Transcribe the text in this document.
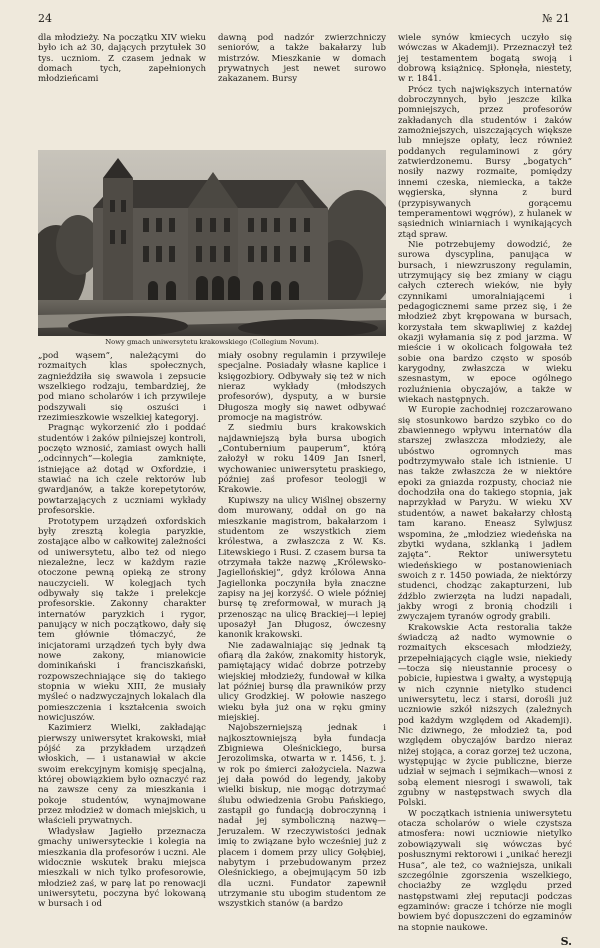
24	№ 21

dla młodzieży. Na początku XIV wieku było ich aż 30, dających przytułek 30 tys. uczniom. Z czasem jednak w domach tych, zapełnionych młodzieńcami

dawną pod nadzór zwierzchniczy seniorów, a także bakałarzy lub mistrzów. Mieszkanie w domach prywatnych jest newet surowo zakazanem. Bursy

Nowy gmach uniwersytetu krakowskiego (Collegium Novum).

„pod wąsem”, należącymi do rozmaitych klas społecznych, zagnieździła się swawola i zepsucie wszelkiego rodzaju, tembardziej, że pod miano scholarów i ich przywileje podszywali się oszuści i rzezimieszkowie wszelkiej kategoryj.

Pragnąc wykorzenić zło i poddać studentów i żaków pilniejszej kontroli, poczęto wznosić, zamiast owych halli ,,odcinnych”—kolegia zamknięte, istniejące aż dotąd w Oxfordzie, i stawiać na ich czele rektorów lub gwardjanów, a także korepetytorów, powtarzających z uczniami wykłady profesorskie.

Prototypem urządzeń oxfordskich były zresztą kolegia paryzkie, zostające albo w całkowitej zależności od uniwersytetu, albo też od niego niezależne, lecz w każdym razie otoczone pewną opieką ze strony nauczycieli. W kolegjach tych odbywały się także i prelekcje profesorskie. Zakonny charakter internatów paryzkich i rygor, panujący w nich początkowo, dały się tem głównie tłómaczyć, że inicjatorami urządzeń tych były dwa nowe zakony, mianowicie dominikański i franciszkański, rozpowszechniające się do takiego stopnia w wieku XIII, że musiały myśleć o nadzwyczajnych lokalach dla pomieszczenia i kształcenia swoich nowicjuszów.

Kazimierz Wielki, zakładając pierwszy uniwersytet krakowski, miał pójść za przykładem urządzeń włoskich, — i ustanawiał w akcie swoim erekcyjnym komisję specjalną, której obowiązkiem było oznaczyć raz na zawsze ceny za mieszkania i pokoje studentów, wynajmowane przez młodzież w domach miejskich, u właścieli prywatnych.

Władysław Jagiełło przeznacza gmachy uniwersyteckie i kolegia na mieszkania dla profesorów i uczni. Ale widocznie wskutek braku miejsca mieszkali w nich tylko profesorowie, młodzież zaś, w parę lat po renowacji uniwersytetu, poczyna być lokowaną w bursach i od

miały osobny regulamin i przywileje specjalne. Posiadały własne kaplice i księgozbiory. Odbywały się też w nich nieraz wykłady (młodszych profesorów), dysputy, a w bursie Długosza mogły się nawet odbywać promocje na magistrów.

Z siedmiu burs krakowskich najdawniejszą była bursa ubogich „Contubernium pauperum”, którą założył w roku 1409 Jan Isnerl, wychowaniec uniwersytetu praskiego, później zaś profesor teologji w Krakowie.

Kupiwszy na ulicy Wiślnej obszerny dom murowany, oddał on go na mieszkanie magistrom, bakałarzom i studentom ze wszystkich ziem królestwa, a zwłaszcza z W. Ks. Litewskiego i Rusi. Z czasem bursa ta otrzymała także nazwę „Królewsko-Jagiellońskiej”, gdyż królowa Anna Jagiellonka poczyniła była znaczne zapisy na jej korzyść. O wiele później bursę tę zreformował, w murach ją przenosząc na ulicę Brackiej—i lepiej uposażył Jan Długosz, ówczesny kanonik krakowski.

Nie zadawalniając się jednak tą ofiarą dla żaków, znakomity historyk, pamiętający widać dobrze potrzeby wiejskiej młodzieży, fundował w kilka lat później bursę dla prawników przy ulicy Grodzkiej. W połowie naszego wieku była już ona w ręku gminy miejskiej.

Najobszerniejszą jednak i najkosztowniejszą była fundacja Zbigniewa Oleśnickiego, bursa Jerozolimska, otwarta w r. 1456, t. j. w rok po śmierci założyciela. Nazwa jej dała powód do legendy, jakoby wielki biskup, nie mogąc dotrzymać ślubu odwiedzenia Grobu Pańskiego, zastąpił go fundacją dobroczynną i nadał jej symboliczną nazwę—Jeruzalem. W rzeczywistości jednak imię to związane było wcześniej już z placem i domem przy ulicy Gołębiej, nabytym i przebudowanym przez Oleśnickiego, a obejmującym 50 izb dla uczni. Fundator zapewnił utrzymanie stu ubogim studentom ze wszystkich stanów (a bardzo

wiele synów kmiecych uczyło się wówczas w Akademji). Przeznaczył też jej testamentem bogatą swoją i dobrową książnicę. Spłonęła, niestety, w r. 1841.

Prócz tych największych internatów dobroczynnych, było jeszcze kilka pomniejszych, przez profesorów zakładanych dla studentów i żaków zamożniejszych, uiszczających większe lub mniejsze opłaty, lecz również poddanych regulaminowi z góry zatwierdzonemu. Bursy „bogatych” nosiły nazwy rozmaite, pomiędzy innemi czeska, niemiecka, a także węgierska, słynna z burd (przypisywanych gorącemu temperamentowi węgrów), z hulanek w sąsiednich winiarniach i wynikających ztąd spraw.

Nie potrzebujemy dowodzić, że surowa dyscyplina, panująca w bursach, i niewzruszony regulamin, utrzymujący się bez zmiany w ciągu całych czterech wieków, nie były czynnikami umoralniającemi i pedagogicznemi same przez się, i że młodzież zbyt krępowana w bursach, korzystała tem skwapliwiej z każdej okazji wyłamania się z pod jarzma. W mieście i w okolicach folgowała też sobie ona bardzo często w sposób karygodny, zwłaszcza w wieku szesnastym, w epoce ogólnego rozluźnienia obyczajów, a także w wiekach następnych.

W Europie zachodniej rozczarowano się stosunkowo bardzo szybko co do zbawiennego wpływu internatów dla starszej zwłaszcza młodzieży, ale ubóstwo ogromnych mas podtrzymywało stale ich istnienie. U nas także zwłaszcza że w niektóre epoki za gniazda rozpusty, chociaż nie dochodziła ona do takiego stopnia, jak naprzykład w Paryżu. W wieku XV studentów, a nawet bakałarzy chłostą tam karano. Eneasz Sylwjusz wspomina, że „młodziez wiedeńska na zbytki wydana, szklanką i jadłem zajęta”. Rektor uniwersytetu wiedeńskiego w postanowieniach swoich z r. 1450 powiada, że niektórzy studenci, chodząc zakapturzeni, lub źdźblo zwierzęta na ludzi napadali, jakby wrogi z bronią chodzili i zwyczajem tyranów ogrody grabili.

Krakowskie Acta restoralia także świadczą aż nadto wymownie o rozmaitych ekscesach młodzieży, przepełniających ciągle wsie, niekiedy—tocza się nieustannie procesy o pobicie, łupiestwa i gwałty, a występują w nich czynnie nietylko studenci uniwersytetu, lecz i starsi, dorośli już uczniowie szkół niższych (zależnych pod każdym względem od Akademji). Nic dziwnego, że młodzież ta, pod względem obyczajów bardzo nieraz niżej stojąca, a coraz gorzej też uczona, występując w życie publiczne, bierze udział w sejmach i sejmikach—wnosi z sobą element niesrogi i swawoli, tak zgubny w następstwach swych dla Polski.

W początkach istnienia uniwersytetu otacza scholarów o wiele czystsza atmosfera: nowi uczniowie nietylko zobowiązywali się wówczas być posłusznymi rektorowi i „unikać herezji Husa”, ale też, co ważniejsza, unikali szczególnie zgorszenia wszelkiego, chociażby ze względu przed następstwami złej reputacji podczas egzaminów: gracze i tchórze nie mogli bowiem być dopuszczeni do egzaminów na stopnie naukowe.

S.
